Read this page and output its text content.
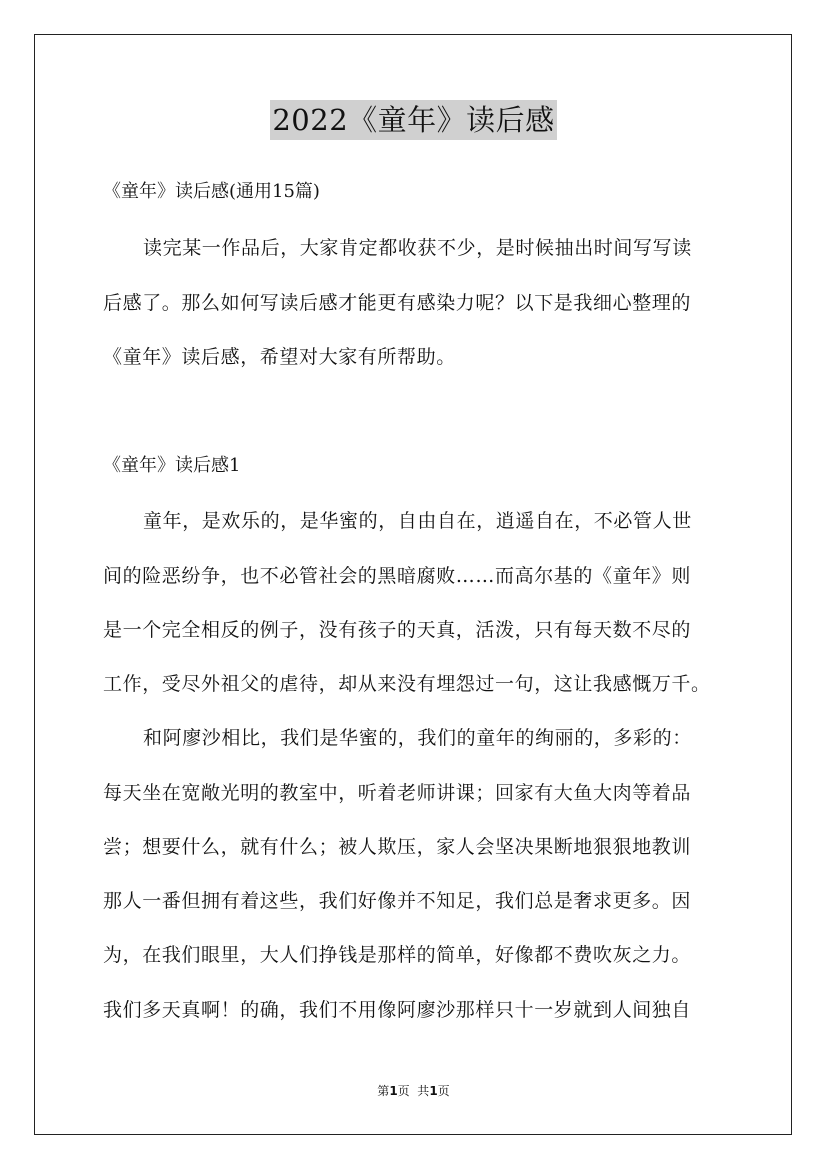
2022《童年》读后感
《童年》读后感(通用15篇)
读完某一作品后，大家肯定都收获不少，是时候抽出时间写写读
后感了。那么如何写读后感才能更有感染力呢？以下是我细心整理的
《童年》读后感，希望对大家有所帮助。
《童年》读后感1
童年，是欢乐的，是华蜜的，自由自在，逍遥自在，不必管人世
间的险恶纷争，也不必管社会的黑暗腐败……而高尔基的《童年》则
是一个完全相反的例子，没有孩子的天真，活泼，只有每天数不尽的
工作，受尽外祖父的虐待，却从来没有埋怨过一句，这让我感慨万千。
和阿廖沙相比，我们是华蜜的，我们的童年的绚丽的，多彩的：
每天坐在宽敞光明的教室中，听着老师讲课；回家有大鱼大肉等着品
尝；想要什么，就有什么；被人欺压，家人会坚决果断地狠狠地教训
那人一番但拥有着这些，我们好像并不知足，我们总是奢求更多。因
为，在我们眼里，大人们挣钱是那样的简单，好像都不费吹灰之力。
我们多天真啊！的确，我们不用像阿廖沙那样只十一岁就到人间独自
第1页  共1页
